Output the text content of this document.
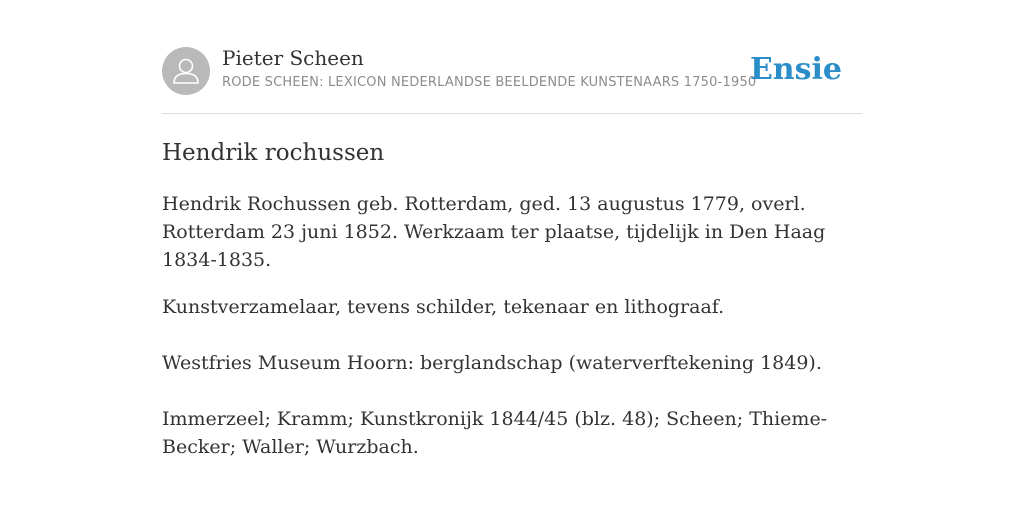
Pieter Scheen
RODE SCHEEN: LEXICON NEDERLANDSE BEELDENDE KUNSTENAARS 1750-1950
Ensie
Hendrik rochussen

Hendrik Rochussen geb. Rotterdam, ged. 13 augustus 1779, overl. Rotterdam 23 juni 1852. Werkzaam ter plaatse, tijdelijk in Den Haag 1834-1835.

Kunstverzamelaar, tevens schilder, tekenaar en lithograaf.

Westfries Museum Hoorn: berglandschap (waterverftekening 1849).

Immerzeel; Kramm; Kunstkronijk 1844/45 (blz. 48); Scheen; Thieme-Becker; Waller; Wurzbach.
